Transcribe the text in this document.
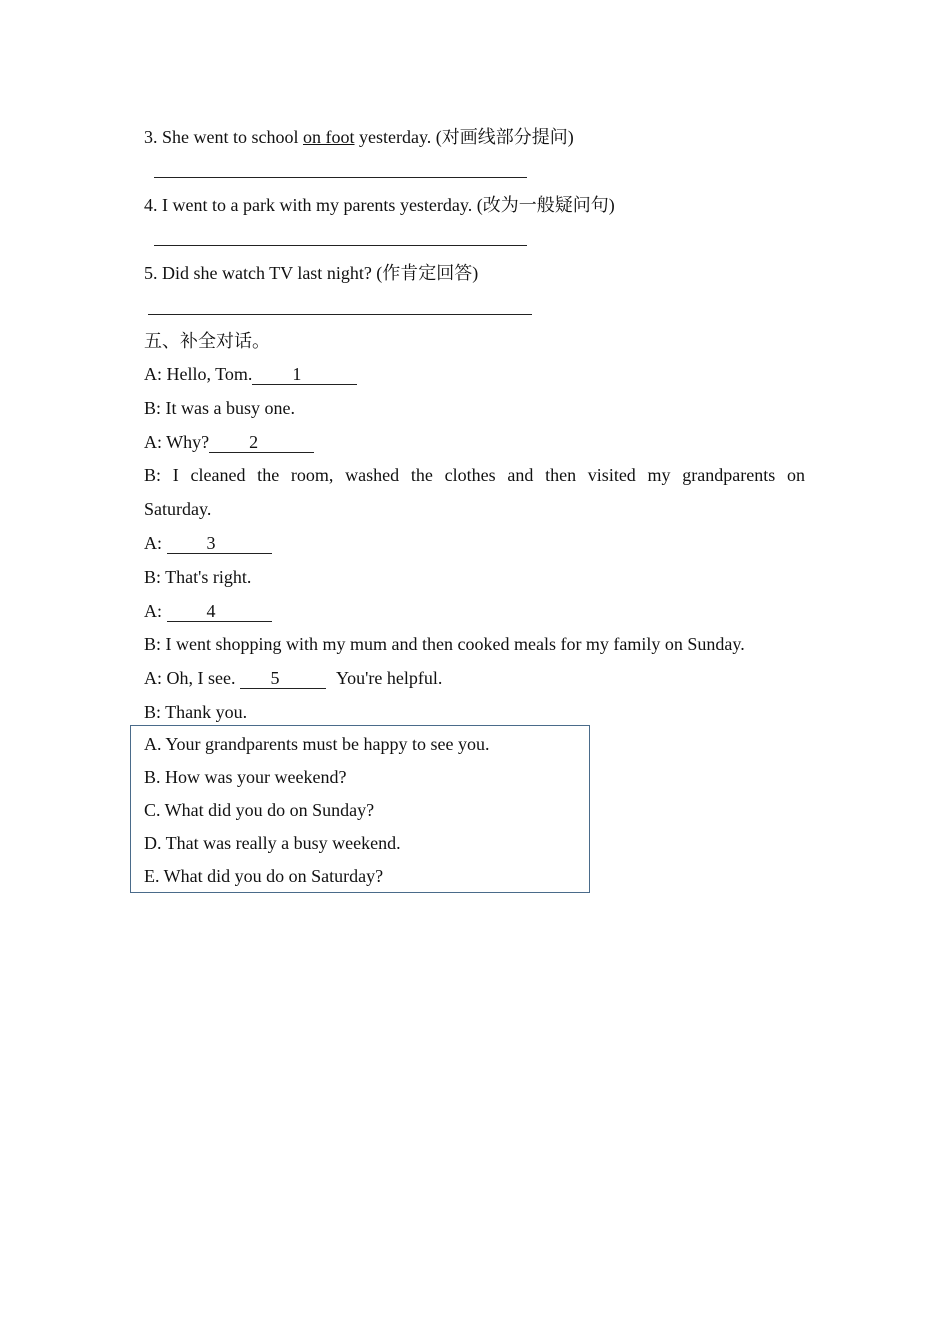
3. She went to school on foot yesterday. (对画线部分提问)
4. I went to a park with my parents yesterday. (改为一般疑问句)
5. Did she watch TV last night? (作肯定回答)
五、补全对话。
A: Hello, Tom. 1
B: It was a busy one.
A: Why? 2
B: I cleaned the room, washed the clothes and then visited my grandparents on
Saturday.
A: 3
B: That's right.
A: 4
B: I went shopping with my mum and then cooked meals for my family on Sunday.
A: Oh, I see. 5	You're helpful.
B: Thank you.
A. Your grandparents must be happy to see you.
B. How was your weekend?
C. What did you do on Sunday?
D. That was really a busy weekend.
E. What did you do on Saturday?
